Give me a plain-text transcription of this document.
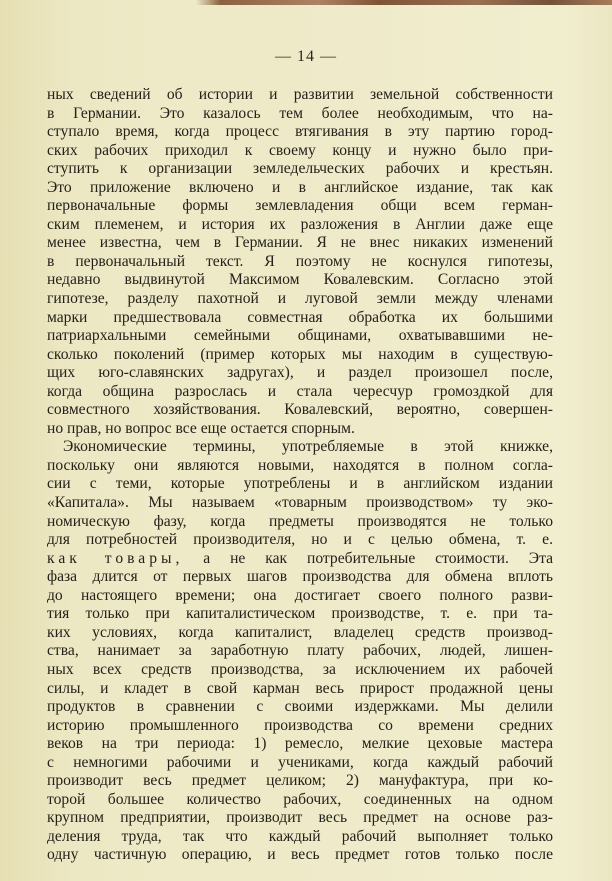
— 14 —
ных сведений об истории и развитии земельной собственности
в Германии. Это казалось тем более необходимым, что на-
ступало время, когда процесс втягивания в эту партию город-
ских рабочих приходил к своему концу и нужно было при-
ступить к организации земледельческих рабочих и крестьян.
Это приложение включено и в английское издание, так как
первоначальные формы землевладения общи всем герман-
ским племенем, и история их разложения в Англии даже еще
менее известна, чем в Германии. Я не внес никаких изменений
в первоначальный текст. Я поэтому не коснулся гипотезы,
недавно выдвинутой Максимом Ковалевским. Согласно этой
гипотезе, разделу пахотной и луговой земли между членами
марки предшествовала совместная обработка их большими
патриархальными семейными общинами, охватывавшими не-
сколько поколений (пример которых мы находим в существую-
щих юго-славянских задругах), и раздел произошел после,
когда община разрослась и стала чересчур громоздкой для
совместного хозяйствования. Ковалевский, вероятно, совершен-
но прав, но вопрос все еще остается спорным.
Экономические термины, употребляемые в этой книжке,
поскольку они являются новыми, находятся в полном согла-
сии с теми, которые употреблены и в английском издании
«Капитала». Мы называем «товарным производством» ту эко-
номическую фазу, когда предметы производятся не только
для потребностей производителя, но и с целью обмена, т. е.
как товары, а не как потребительные стоимости. Эта
фаза длится от первых шагов производства для обмена вплоть
до настоящего времени; она достигает своего полного разви-
тия только при капиталистическом производстве, т. е. при та-
ких условиях, когда капиталист, владелец средств производ-
ства, нанимает за заработную плату рабочих, людей, лишен-
ных всех средств производства, за исключением их рабочей
силы, и кладет в свой карман весь прирост продажной цены
продуктов в сравнении с своими издержками. Мы делили
историю промышленного производства со времени средних
веков на три периода: 1) ремесло, мелкие цеховые мастера
с немногими рабочими и учениками, когда каждый рабочий
производит весь предмет целиком; 2) мануфактура, при ко-
торой большее количество рабочих, соединенных на одном
крупном предприятии, производит весь предмет на основе раз-
деления труда, так что каждый рабочий выполняет только
одну частичную операцию, и весь предмет готов только после
